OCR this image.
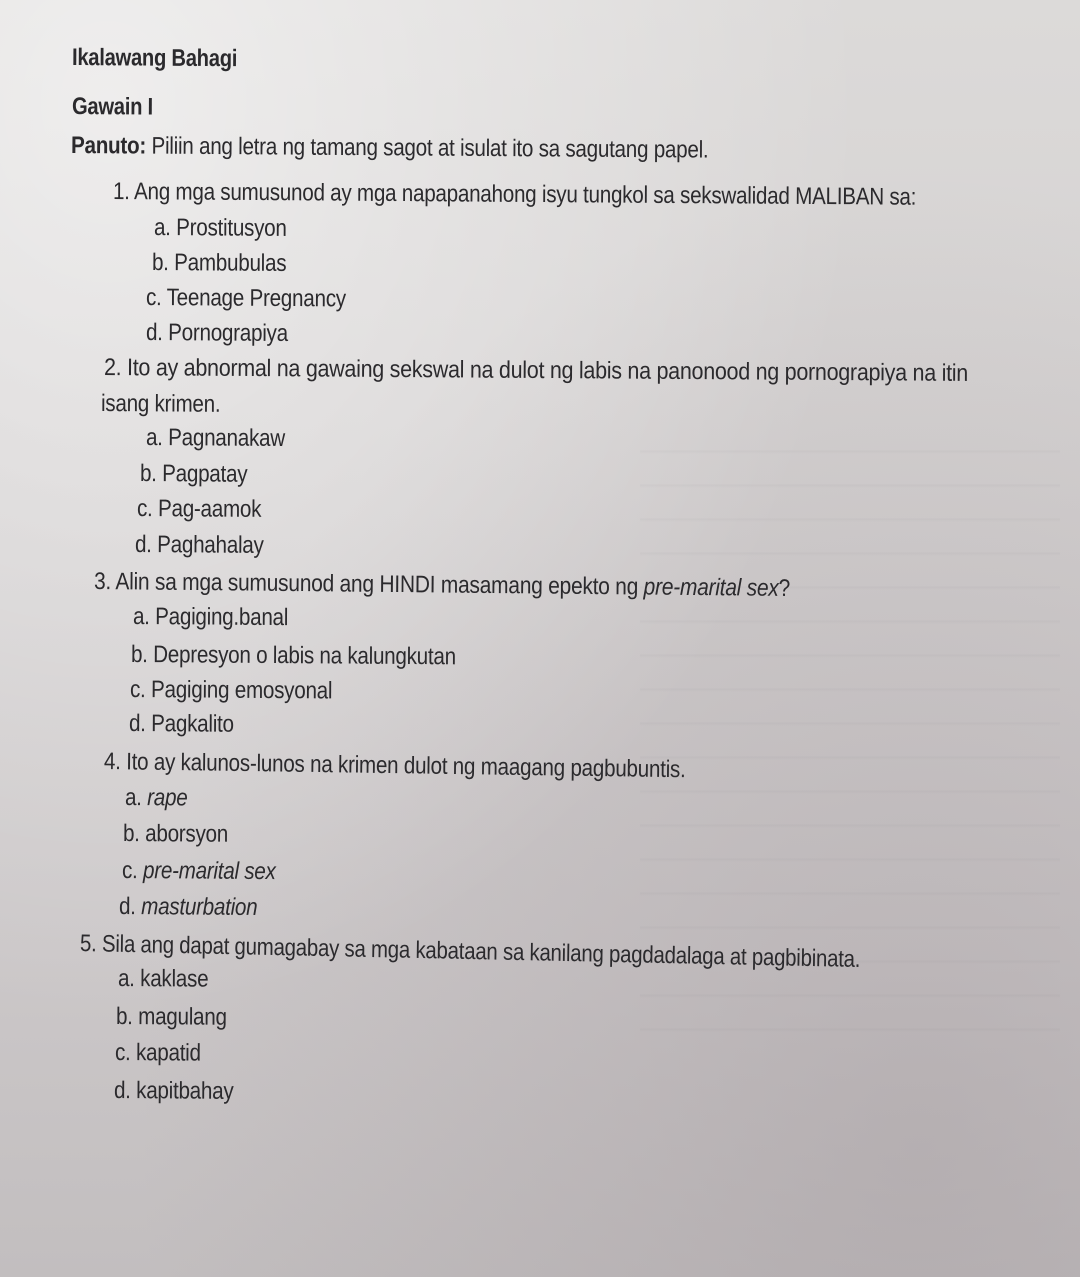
Ikalawang Bahagi
Gawain I
Panuto: Piliin ang letra ng tamang sagot at isulat ito sa sagutang papel.
1. Ang mga sumusunod ay mga napapanahong isyu tungkol sa sekswalidad MALIBAN sa:
a. Prostitusyon
b. Pambubulas
c. Teenage Pregnancy
d. Pornograpiya
2. Ito ay abnormal na gawaing sekswal na dulot ng labis na panonood ng pornograpiya na itin
isang krimen.
a. Pagnanakaw
b. Pagpatay
c. Pag-aamok
d. Paghahalay
3. Alin sa mga sumusunod ang HINDI masamang epekto ng pre-marital sex?
a. Pagiging.banal
b. Depresyon o labis na kalungkutan
c. Pagiging emosyonal
d. Pagkalito
4. Ito ay kalunos-lunos na krimen dulot ng maagang pagbubuntis.
a. rape
b. aborsyon
c. pre-marital sex
d. masturbation
5. Sila ang dapat gumagabay sa mga kabataan sa kanilang pagdadalaga at pagbibinata.
a. kaklase
b. magulang
c. kapatid
d. kapitbahay
